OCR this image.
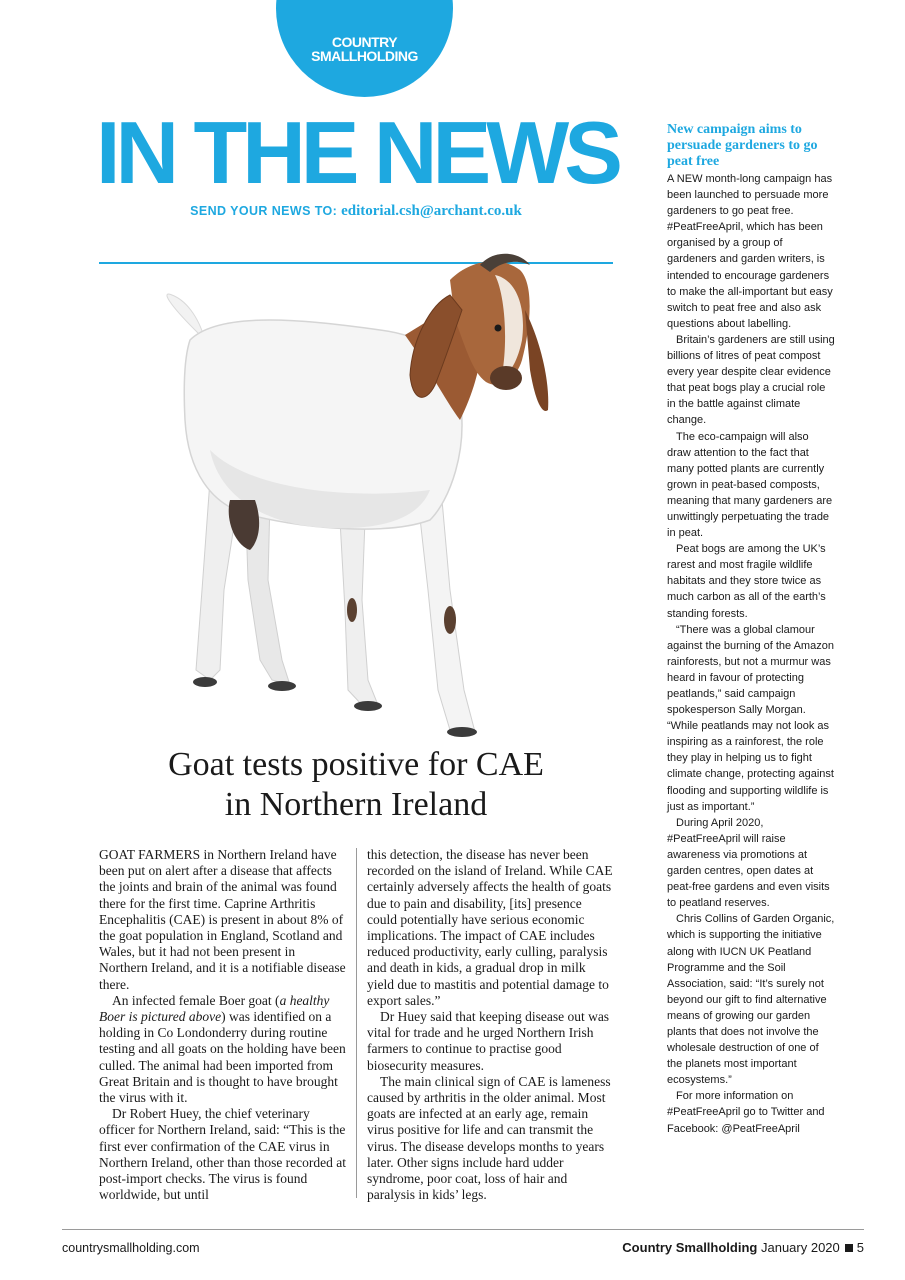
COUNTRY
SMALLHOLDING
IN THE NEWS
SEND YOUR NEWS TO: editorial.csh@archant.co.uk
Goat tests positive for CAE
in Northern Ireland

GOAT FARMERS in Northern Ireland have been put on alert after a disease that affects the joints and brain of the animal was found there for the first time. Caprine Arthritis Encephalitis (CAE) is present in about 8% of the goat population in England, Scotland and Wales, but it had not been present in Northern Ireland, and it is a notifiable disease there.

An infected female Boer goat (a healthy Boer is pictured above) was identified on a holding in Co Londonderry during routine testing and all goats on the holding have been culled. The animal had been imported from Great Britain and is thought to have brought the virus with it.

Dr Robert Huey, the chief veterinary officer for Northern Ireland, said: “This is the first ever confirmation of the CAE virus in Northern Ireland, other than those recorded at post-import checks. The virus is found worldwide, but until

this detection, the disease has never been recorded on the island of Ireland. While CAE certainly adversely affects the health of goats due to pain and disability, [its] presence could potentially have serious economic implications. The impact of CAE includes reduced productivity, early culling, paralysis and death in kids, a gradual drop in milk yield due to mastitis and potential damage to export sales.”

Dr Huey said that keeping disease out was vital for trade and he urged Northern Irish farmers to continue to practise good biosecurity measures.

The main clinical sign of CAE is lameness caused by arthritis in the older animal. Most goats are infected at an early age, remain virus positive for life and can transmit the virus. The disease develops months to years later. Other signs include hard udder syndrome, poor coat, loss of hair and paralysis in kids’ legs.

New campaign aims to persuade gardeners to go peat free

A NEW month-long campaign has been launched to persuade more gardeners to go peat free. #PeatFreeApril, which has been organised by a group of gardeners and garden writers, is intended to encourage gardeners to make the all-important but easy switch to peat free and also ask questions about labelling.

Britain’s gardeners are still using billions of litres of peat compost every year despite clear evidence that peat bogs play a crucial role in the battle against climate change.

The eco-campaign will also draw attention to the fact that many potted plants are currently grown in peat-based composts, meaning that many gardeners are unwittingly perpetuating the trade in peat.

Peat bogs are among the UK’s rarest and most fragile wildlife habitats and they store twice as much carbon as all of the earth’s standing forests.

“There was a global clamour against the burning of the Amazon rainforests, but not a murmur was heard in favour of protecting peatlands,” said campaign spokesperson Sally Morgan. “While peatlands may not look as inspiring as a rainforest, the role they play in helping us to fight climate change, protecting against flooding and supporting wildlife is just as important.”

During April 2020, #PeatFreeApril will raise awareness via promotions at garden centres, open dates at peat-free gardens and even visits to peatland reserves.

Chris Collins of Garden Organic, which is supporting the initiative along with IUCN UK Peatland Programme and the Soil Association, said: “It’s surely not beyond our gift to find alternative means of growing our garden plants that does not involve the wholesale destruction of one of the planets most important ecosystems.”

For more information on #PeatFreeApril go to Twitter and Facebook: @PeatFreeApril

countrysmallholding.com	Country Smallholding January 2020 5
